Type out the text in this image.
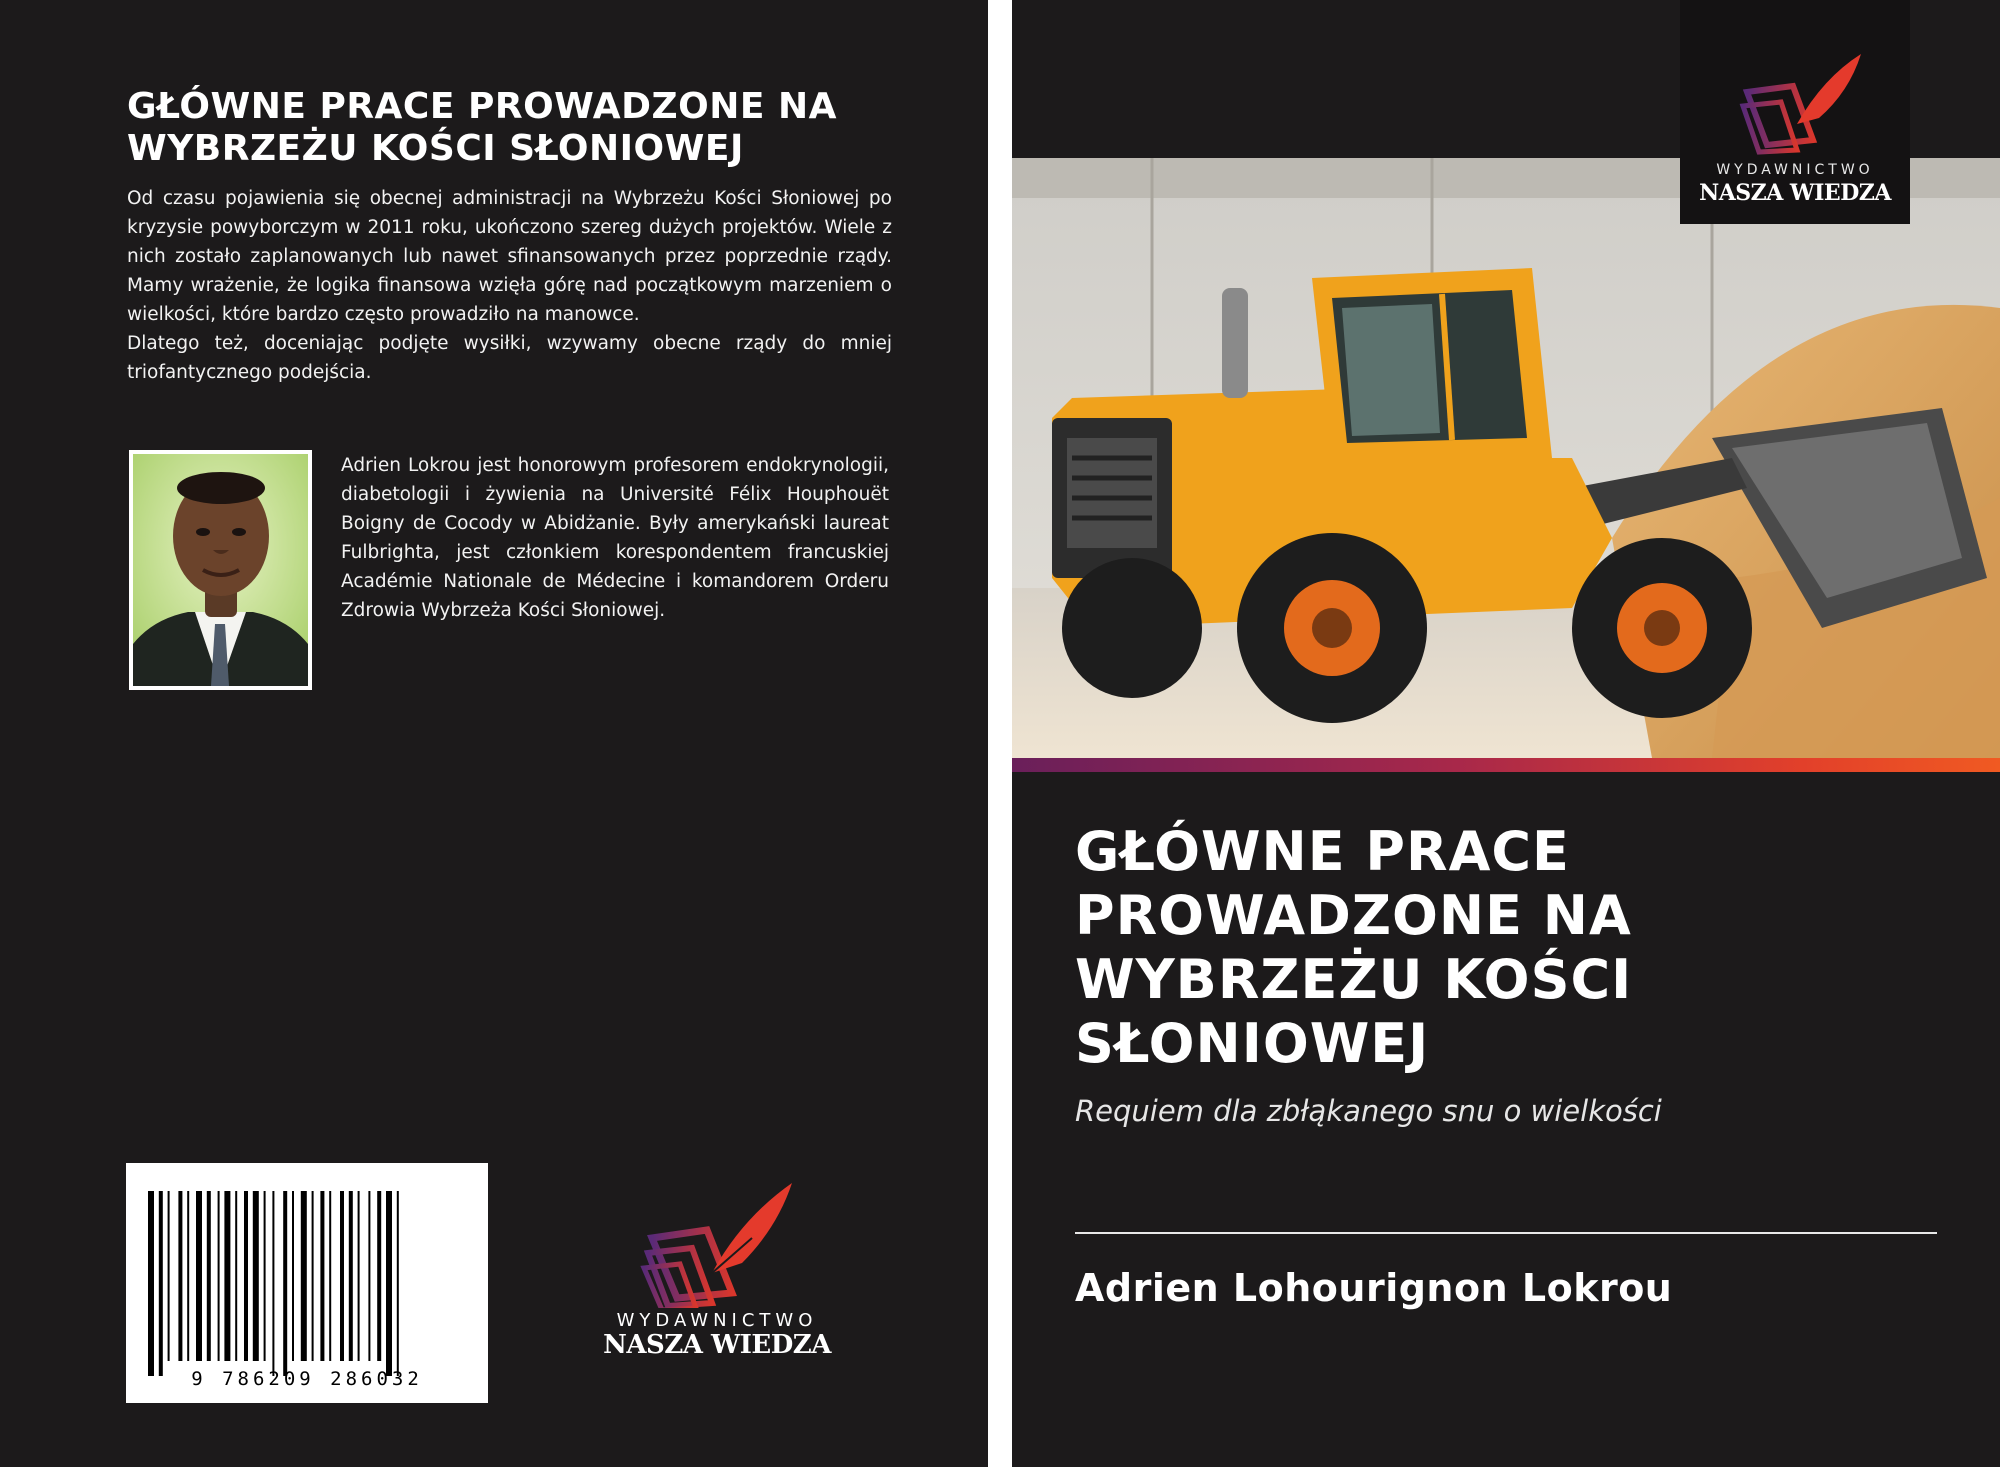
GŁÓWNE PRACE PROWADZONE NA
WYBRZEŻU KOŚCI SŁONIOWEJ

Od czasu pojawienia się obecnej administracji na Wybrzeżu Kości Słoniowej po kryzysie powyborczym w 2011 roku, ukończono szereg dużych projektów. Wiele z nich zostało zaplanowanych lub nawet sfinansowanych przez poprzednie rządy. Mamy wrażenie, że logika finansowa wzięła górę nad początkowym marzeniem o wielkości, które bardzo często prowadziło na manowce.

Dlatego też, doceniając podjęte wysiłki, wzywamy obecne rządy do mniej triofantycznego podejścia.

Adrien Lokrou jest honorowym profesorem endokrynologii, diabetologii i żywienia na Université Félix Houphouët Boigny de Cocody w Abidżanie. Były amerykański laureat Fulbrighta, jest członkiem korespondentem francuskiej Académie Nationale de Médecine i komandorem Orderu Zdrowia Wybrzeża Kości Słoniowej.

9 786209 286032
WYDAWNICTWO
NASZA WIEDZA
WYDAWNICTWO
NASZA WIEDZA
GŁÓWNE PRACE
PROWADZONE NA
WYBRZEŻU KOŚCI
SŁONIOWEJ
Requiem dla zbłąkanego snu o wielkości
Adrien Lohourignon Lokrou
